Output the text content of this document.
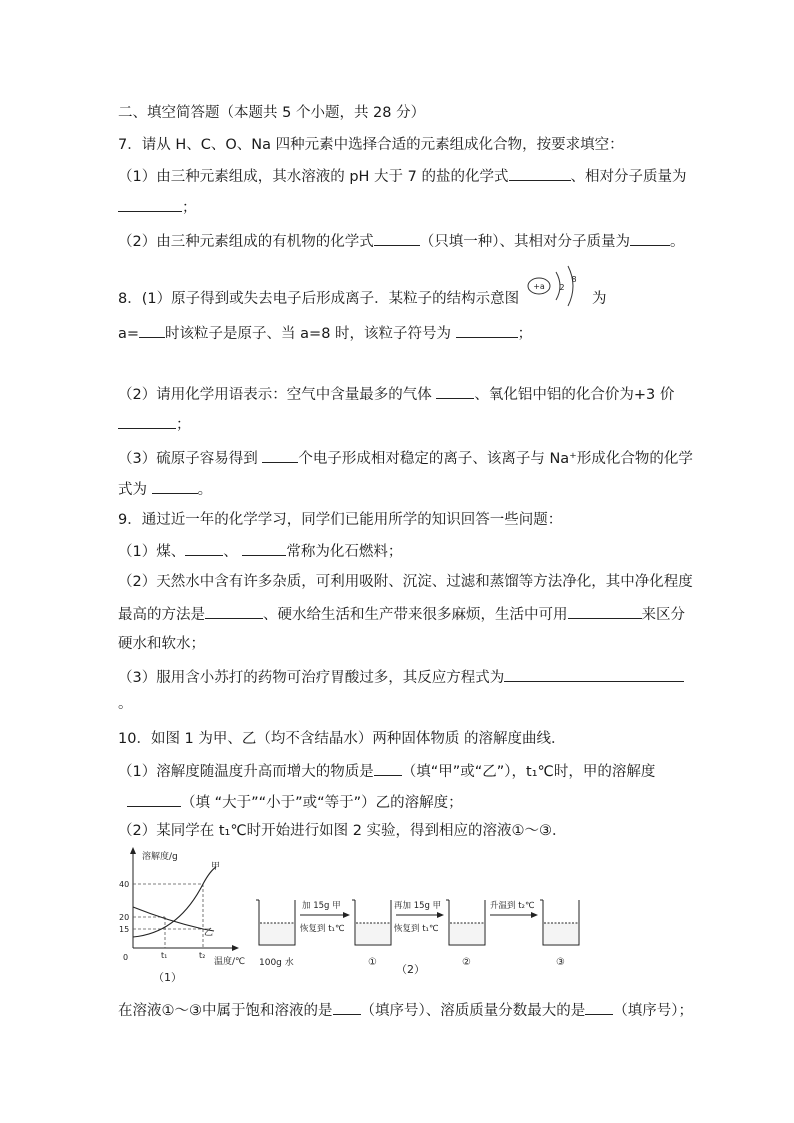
二、填空简答题（本题共 5 个小题，共 28 分）
7．请从 H、C、O、Na 四种元素中选择合适的元素组成化合物，按要求填空：
（1）由三种元素组成，其水溶液的 pH 大于 7 的盐的化学式	、相对分子质量为
；
（2）由三种元素组成的有机物的化学式	（只填一种）、其相对分子质量为	。
8．(1）原子得到或失去电子后形成离子．某粒子的结构示意图
+a 2
8
为
a= 时该粒子是原子、当 a=8 时，该粒子符号为	；
（2）请用化学用语表示：空气中含量最多的气体	、氧化铝中铝的化合价为+3 价
；
（3）硫原子容易得到	个电子形成相对稳定的离子、该离子与 Na⁺形成化合物的化学
式为	。
9．通过近一年的化学学习，同学们已能用所学的知识回答一些问题：
（1）煤、	、	常称为化石燃料；
（2）天然水中含有许多杂质，可利用吸附、沉淀、过滤和蒸馏等方法净化，其中净化程度
最高的方法是	、硬水给生活和生产带来很多麻烦，生活中可用	来区分
硬水和软水；
（3）服用含小苏打的药物可治疗胃酸过多，其反应方程式为
。
10．如图 1 为甲、乙（均不含结晶水）两种固体物质 的溶解度曲线．
（1）溶解度随温度升高而增大的物质是 （填“甲”或“乙”），t₁℃时，甲的溶解度
（填 “大于”“小于”或“等于”）乙的溶解度；
（2）某同学在 t₁℃时开始进行如图 2 实验，得到相应的溶液①～③．
溶解度/g
温度/℃
0
40
20
15
t₁	t₂
甲
乙
（1）
100g 水
加 15g 甲
恢复到 t₁℃
再加 15g 甲
恢复到 t₁℃
升温到 t₂℃
①	②	③
（2）
在溶液①～③中属于饱和溶液的是 （填序号）、溶质质量分数最大的是 （填序号）；
